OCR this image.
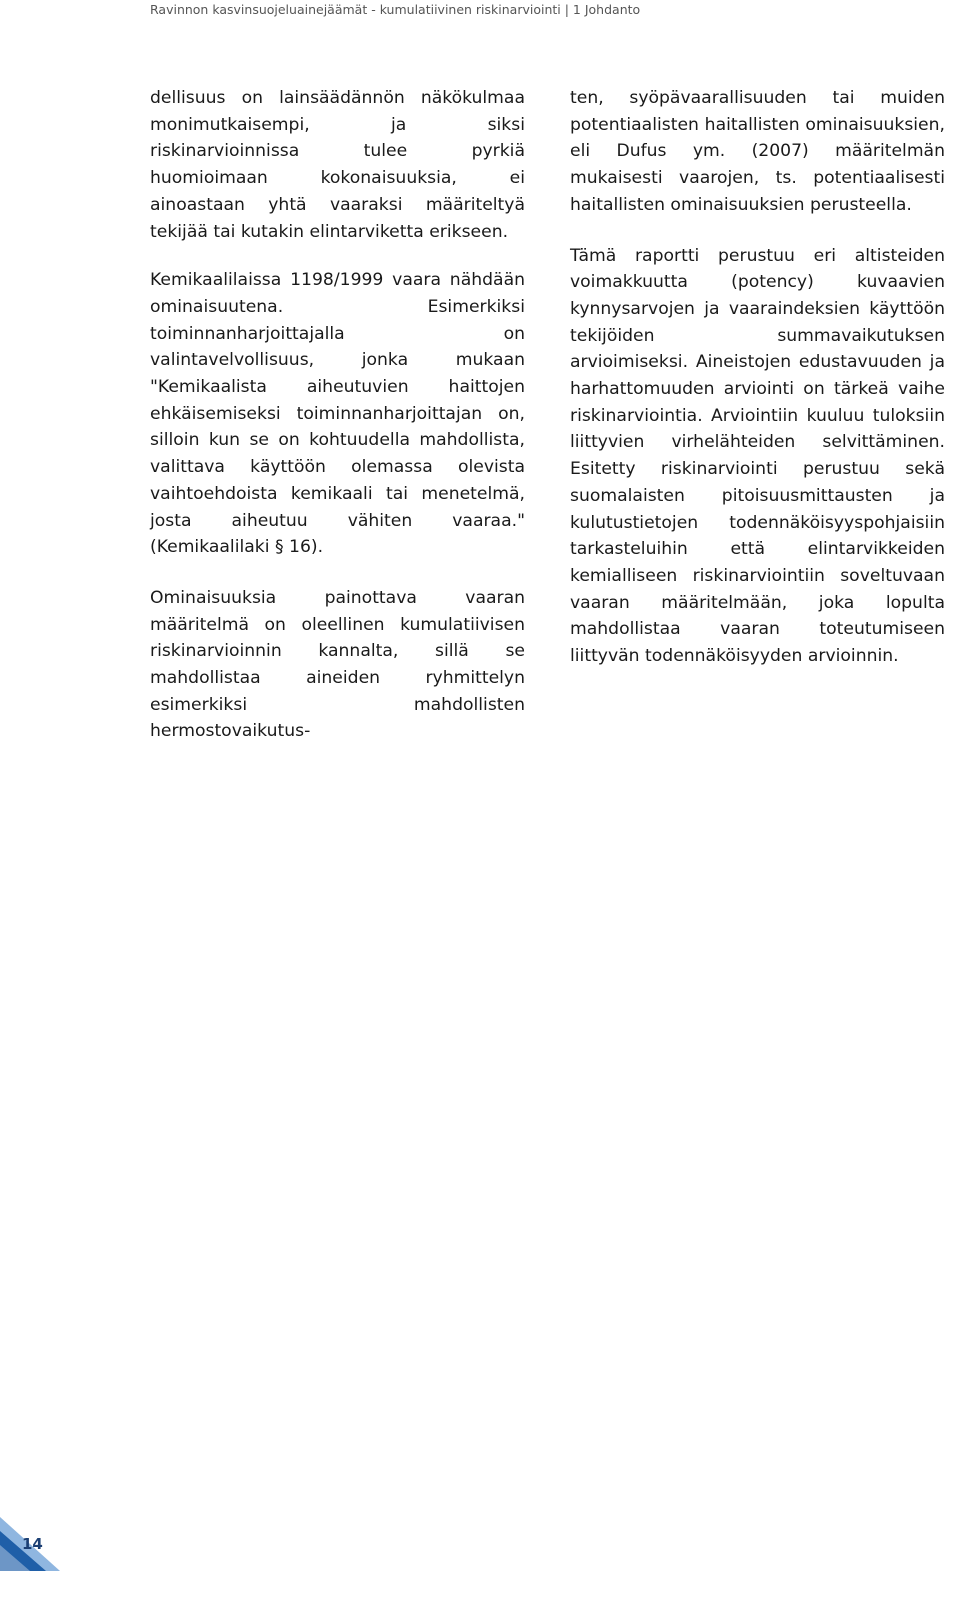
Ravinnon kasvinsuojeluainejäämät - kumulatiivinen riskinarviointi | 1 Johdanto

dellisuus on lainsäädännön näkökulmaa monimutkaisempi, ja siksi riskinarvioinnissa tulee pyrkiä huomioimaan kokonaisuuksia, ei ainoastaan yhtä vaaraksi määriteltyä tekijää tai kutakin elintarviketta erikseen.

Kemikaalilaissa 1198/1999 vaara nähdään ominaisuutena. Esimerkiksi toiminnanharjoittajalla on valintavelvollisuus, jonka mukaan "Kemikaalista aiheutuvien haittojen ehkäisemiseksi toiminnanharjoittajan on, silloin kun se on kohtuudella mahdollista, valittava käyttöön olemassa olevista vaihtoehdoista kemikaali tai menetelmä, josta aiheutuu vähiten vaaraa." (Kemikaalilaki § 16).

Ominaisuuksia painottava vaaran määritelmä on oleellinen kumulatiivisen riskinarvioinnin kannalta, sillä se mahdollistaa aineiden ryhmittelyn esimerkiksi mahdollisten hermostovaikutus-

ten, syöpävaarallisuuden tai muiden potentiaalisten haitallisten ominaisuuksien, eli Dufus ym. (2007) määritelmän mukaisesti vaarojen, ts. potentiaalisesti haitallisten ominaisuuksien perusteella.

Tämä raportti perustuu eri altisteiden voimakkuutta (potency) kuvaavien kynnysarvojen ja vaaraindeksien käyttöön tekijöiden summavaikutuksen arvioimiseksi. Aineistojen edustavuuden ja harhattomuuden arviointi on tärkeä vaihe riskinarviointia. Arviointiin kuuluu tuloksiin liittyvien virhelähteiden selvittäminen. Esitetty riskinarviointi perustuu sekä suomalaisten pitoisuusmittausten ja kulutustietojen todennäköisyyspohjaisiin tarkasteluihin että elintarvikkeiden kemialliseen riskinarviointiin soveltuvaan vaaran määritelmään, joka lopulta mahdollistaa vaaran toteutumiseen liittyvän todennäköisyyden arvioinnin.

14
